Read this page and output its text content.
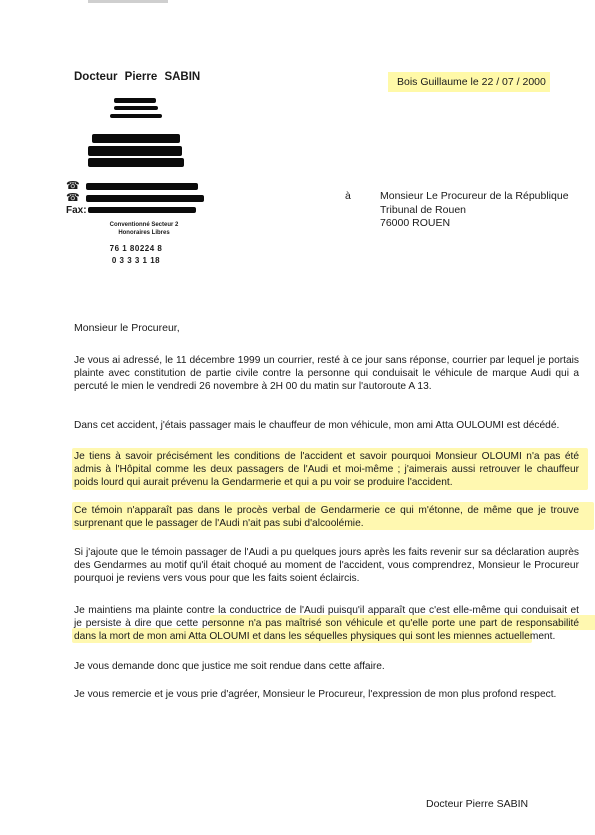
Docteur Pierre SABIN
☎
☎
Fax:
Conventionné Secteur 2
Honoraires Libres
76 1 80224 8
0 3 3 3 1 18
Bois Guillaume le 22 / 07 / 2000
à	Monsieur Le Procureur de la République
Tribunal de Rouen
76000 ROUEN
Monsieur le Procureur,
Je vous ai adressé, le 11 décembre 1999 un courrier, resté à ce jour sans réponse, courrier par lequel je portais plainte avec constitution de partie civile contre la personne qui conduisait le véhicule de marque Audi qui a percuté le mien le vendredi 26 novembre à 2H 00 du matin sur l'autoroute A 13.
Dans cet accident, j'étais passager mais le chauffeur de mon véhicule, mon ami Atta OULOUMI est décédé.
Je tiens à savoir précisément les conditions de l'accident et savoir pourquoi Monsieur OLOUMI n'a pas été admis à l'Hôpital comme les deux passagers de l'Audi et moi-même ; j'aimerais aussi retrouver le chauffeur poids lourd qui aurait prévenu la Gendarmerie et qui a pu voir se produire l'accident.
Ce témoin n'apparaît pas dans le procès verbal de Gendarmerie ce qui m'étonne, de même que je trouve surprenant que le passager de l'Audi n'ait pas subi d'alcoolémie.
Si j'ajoute que le témoin passager de l'Audi a pu quelques jours après les faits revenir sur sa déclaration auprès des Gendarmes au motif qu'il était choqué au moment de l'accident, vous comprendrez, Monsieur le Procureur pourquoi je reviens vers vous pour que les faits soient éclaircis.
Je maintiens ma plainte contre la conductrice de l'Audi puisqu'il apparaît que c'est elle-même qui conduisait et je persiste à dire que cette personne n'a pas maîtrisé son véhicule et qu'elle porte une part de responsabilité dans la mort de mon ami Atta OLOUMI et dans les séquelles physiques qui sont les miennes actuellement.
Je vous demande donc que justice me soit rendue dans cette affaire.
Je vous remercie et je vous prie d'agréer, Monsieur le Procureur, l'expression de mon plus profond respect.
Docteur Pierre SABIN
